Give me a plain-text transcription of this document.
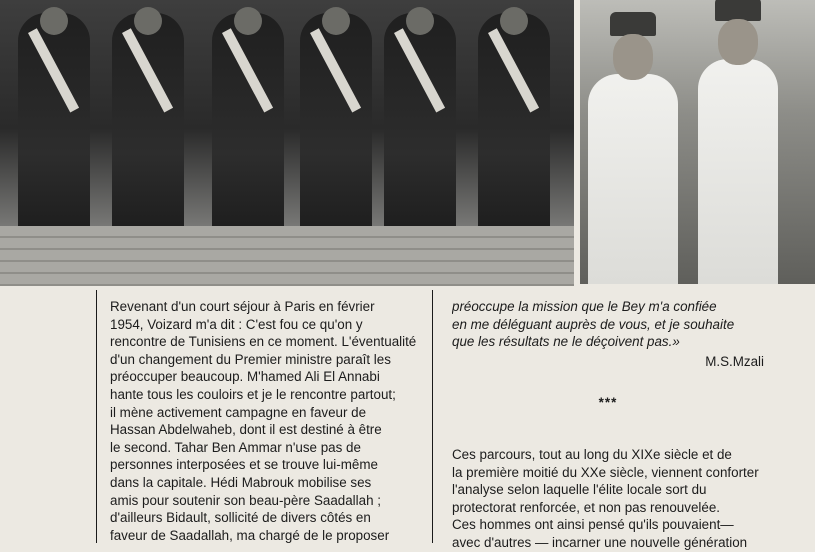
Revenant d'un court séjour à Paris en février
1954, Voizard m'a dit : C'est fou ce qu'on y
rencontre de Tunisiens en ce moment. L'éventualité
d'un changement du Premier ministre paraît les
préoccuper beaucoup. M'hamed Ali El Annabi
hante tous les couloirs et je le rencontre partout;
il mène activement campagne en faveur de
Hassan Abdelwaheb, dont il est destiné à être
le second. Tahar Ben Ammar n'use pas de
personnes interposées et se trouve lui-même
dans la capitale. Hédi Mabrouk mobilise ses
amis pour soutenir son beau-père Saadallah ;
d'ailleurs Bidault, sollicité de divers côtés en
faveur de Saadallah, ma chargé de le proposer
préoccupe la mission que le Bey m'a confiée
en me déléguant auprès de vous, et je souhaite
que les résultats ne le déçoivent pas.»
M.S.Mzali
***
Ces parcours, tout au long du XIXe siècle et de
la première moitié du XXe siècle, viennent conforter
l'analyse selon laquelle l'élite locale sort du
protectorat renforcée, et non pas renouvelée.
Ces hommes ont ainsi pensé qu'ils pouvaient—
avec d'autres — incarner une nouvelle génération
